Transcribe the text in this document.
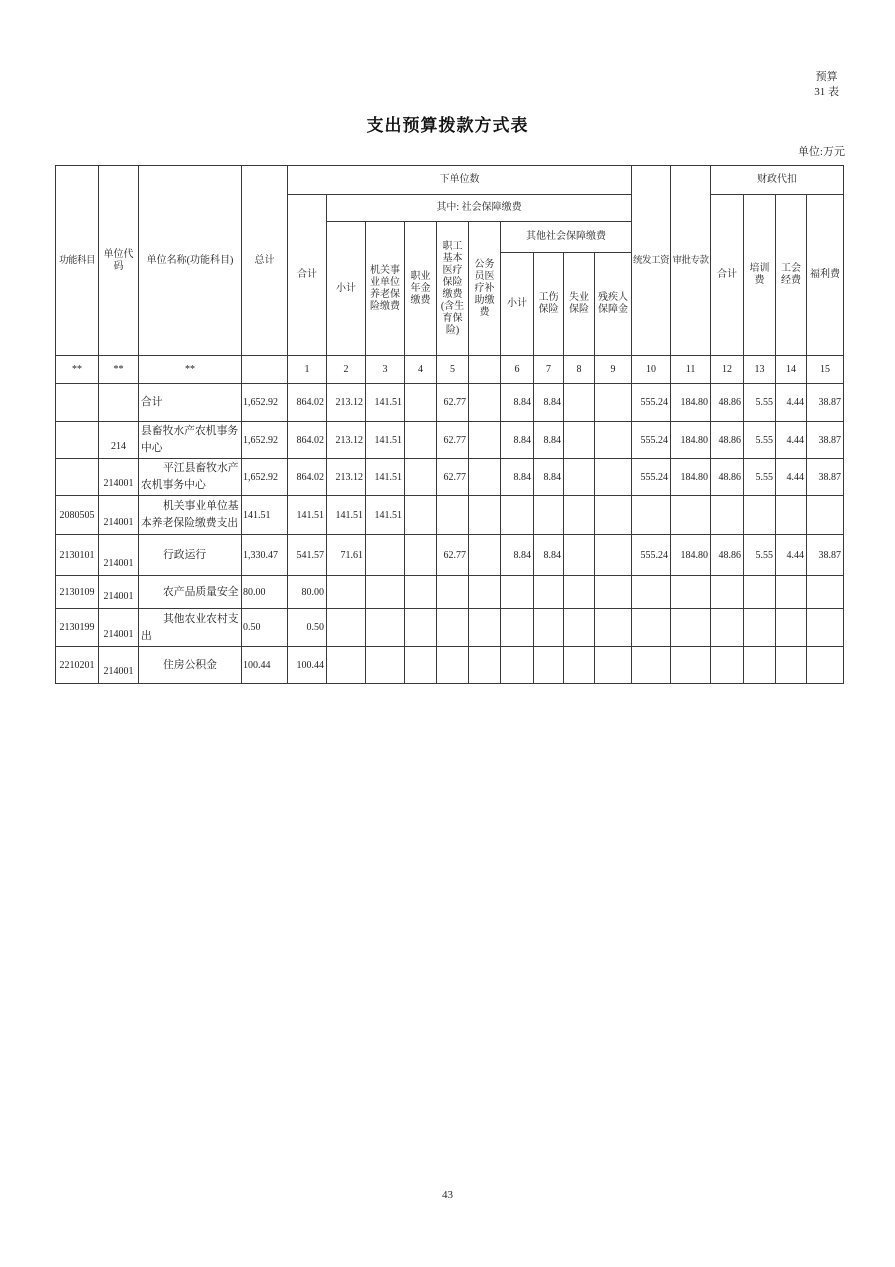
预算
31 表
支出预算拨款方式表
单位:万元
功能科目	单位代码	单位名称(功能科目)	总计	下单位数										统发工资	审批专款	财政代扣			
				合计	其中: 社会保障缴费											合计	培训费	工会经费	福利费
					小计	机关事业单位养老保险缴费	职业年金缴费	职工基本医疗保险缴费(含生育保险)	公务员医疗补助缴费	其他社会保障缴费									
										小计	工伤保险	失业保险	残疾人保障金						
**	**	**		1	2	3	4	5		6	7	8	9	10	11	12	13	14	15
		合计	1,652.92	864.02	213.12	141.51		62.77		8.84	8.84			555.24	184.80	48.86	5.55	4.44	38.87
	214	县畜牧水产农机事务中心	1,652.92	864.02	213.12	141.51		62.77		8.84	8.84			555.24	184.80	48.86	5.55	4.44	38.87
	214001	平江县畜牧水产农机事务中心	1,652.92	864.02	213.12	141.51		62.77		8.84	8.84			555.24	184.80	48.86	5.55	4.44	38.87
2080505	214001	机关事业单位基本养老保险缴费支出	141.51	141.51	141.51	141.51													
2130101	214001	行政运行	1,330.47	541.57	71.61			62.77		8.84	8.84			555.24	184.80	48.86	5.55	4.44	38.87
2130109	214001	农产品质量安全	80.00	80.00															
2130199	214001	其他农业农村支出	0.50	0.50															
2210201	214001	住房公积金	100.44	100.44															
43
